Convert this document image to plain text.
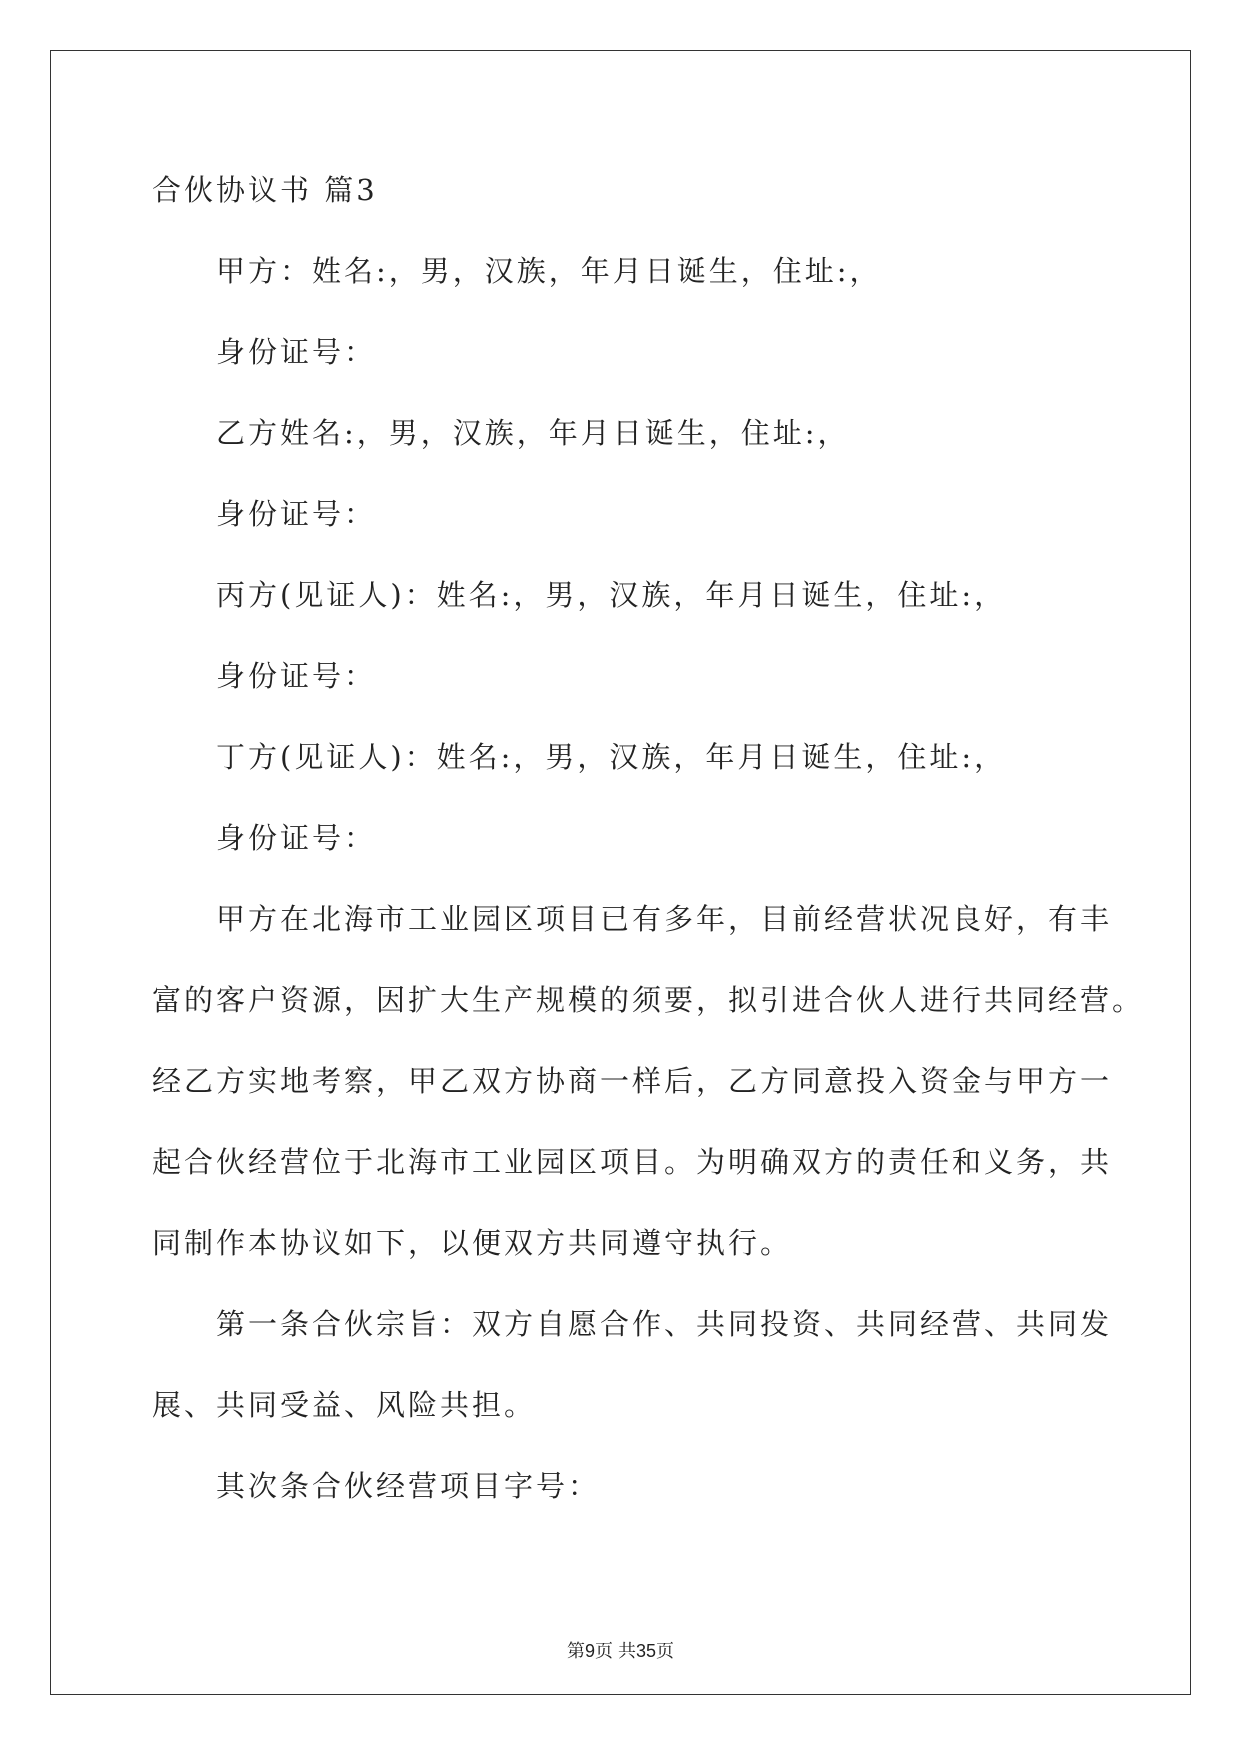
合伙协议书 篇3
甲方：姓名:，男，汉族，年月日诞生，住址:，
身份证号：
乙方姓名:，男，汉族，年月日诞生，住址:，
身份证号：
丙方(见证人)：姓名:，男，汉族，年月日诞生，住址:，
身份证号：
丁方(见证人)：姓名:，男，汉族，年月日诞生，住址:，
身份证号：
甲方在北海市工业园区项目已有多年，目前经营状况良好，有丰
富的客户资源，因扩大生产规模的须要，拟引进合伙人进行共同经营。
经乙方实地考察，甲乙双方协商一样后，乙方同意投入资金与甲方一
起合伙经营位于北海市工业园区项目。为明确双方的责任和义务，共
同制作本协议如下，以便双方共同遵守执行。
第一条合伙宗旨：双方自愿合作、共同投资、共同经营、共同发
展、共同受益、风险共担。
其次条合伙经营项目字号：
第9页 共35页
